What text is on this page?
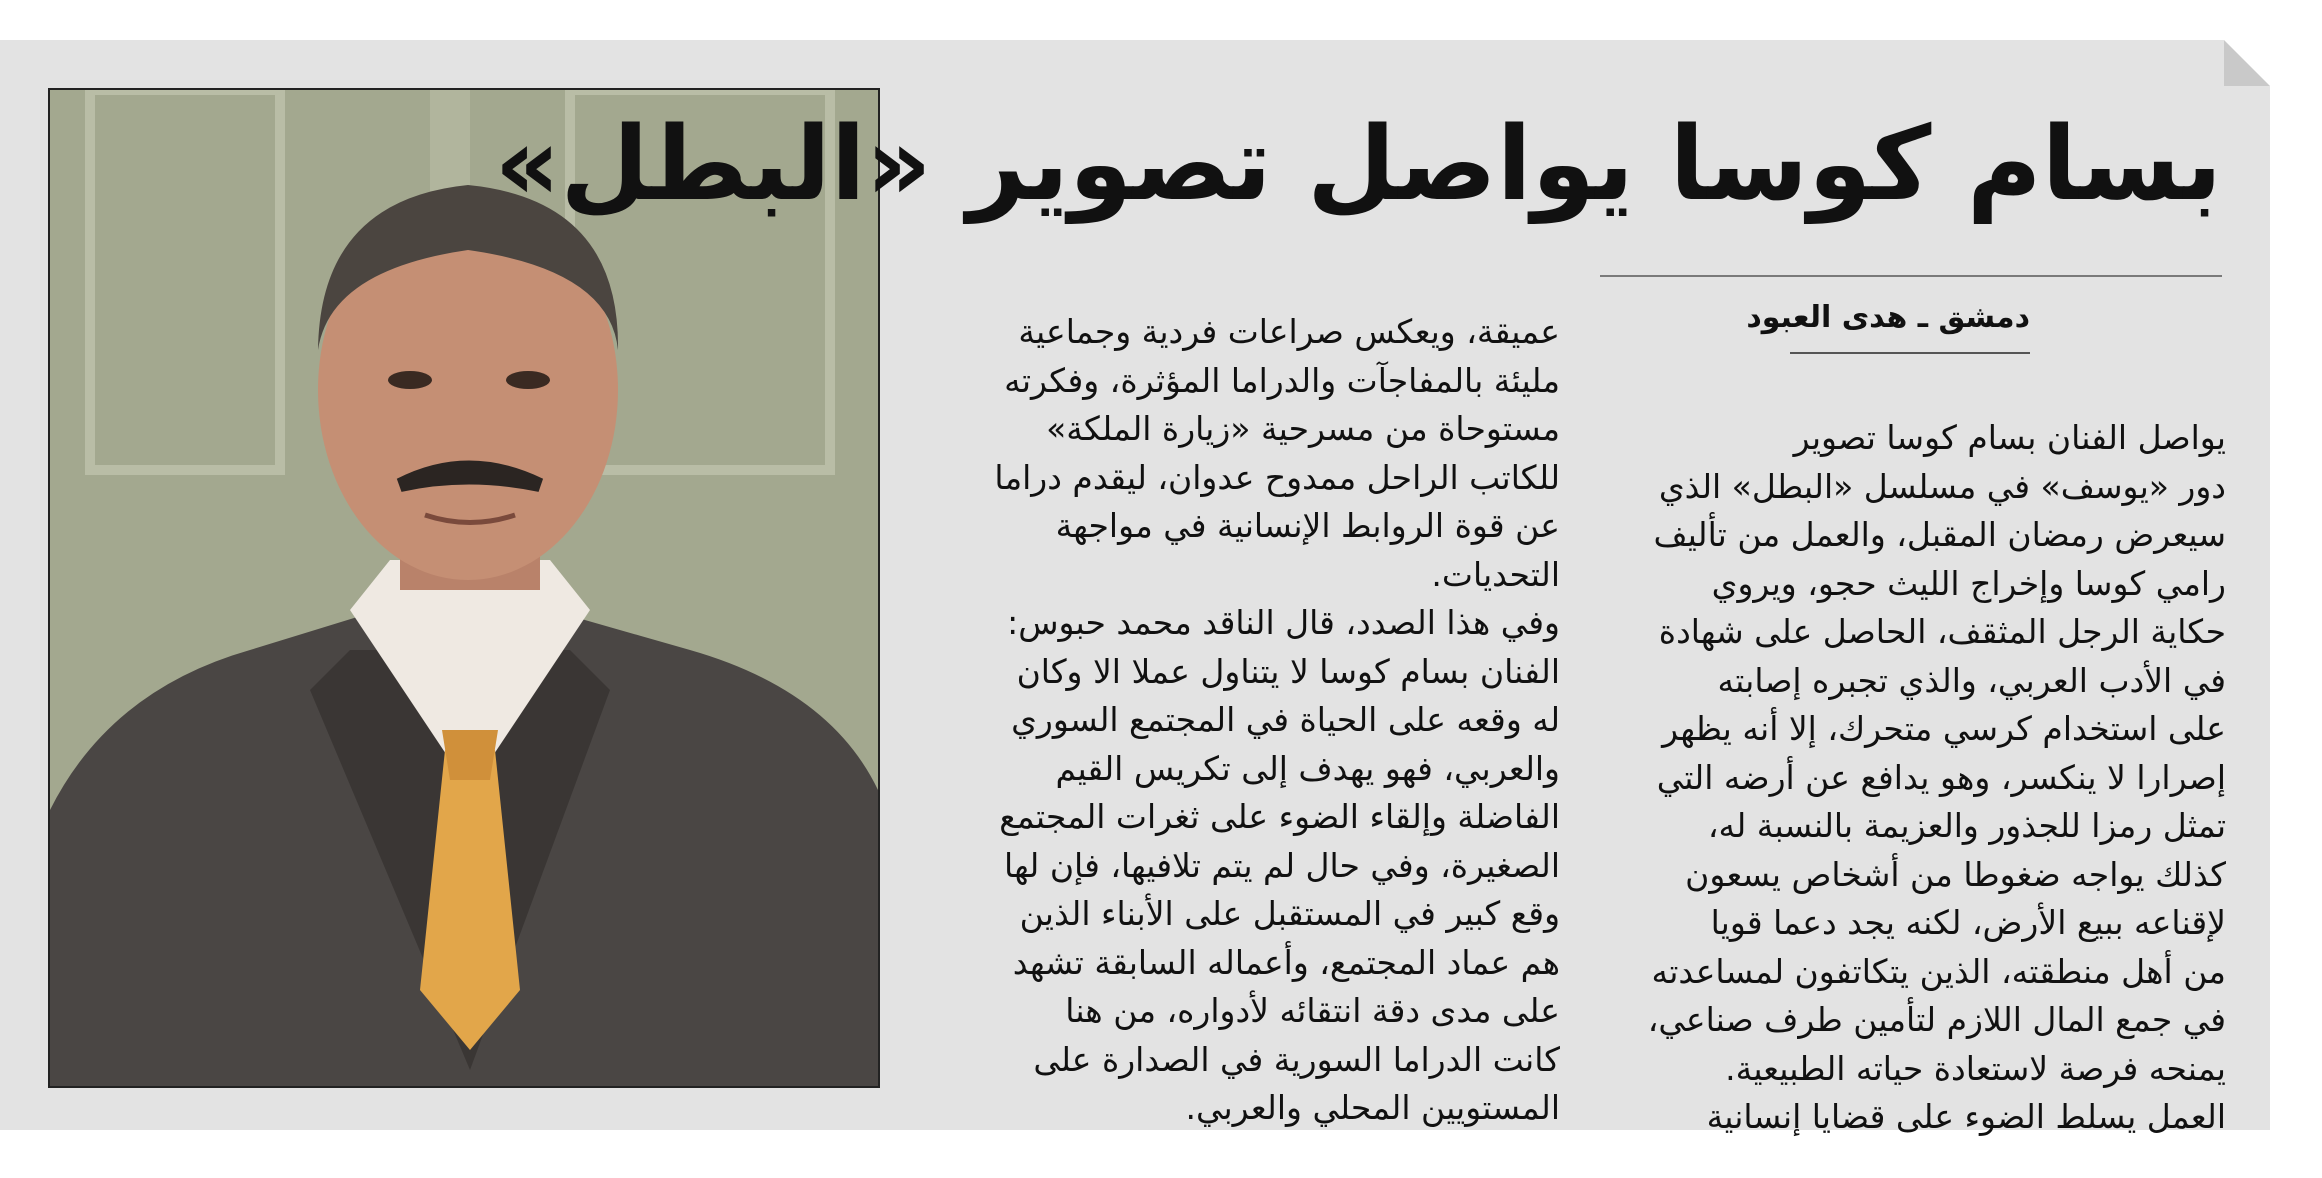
بسام كوسا يواصل تصوير «البطل»
دمشق ـ هدى العبود
يواصل الفنان بسام كوسا تصوير
دور «يوسف» في مسلسل «البطل» الذي
سيعرض رمضان المقبل، والعمل من تأليف
رامي كوسا وإخراج الليث حجو، ويروي
حكاية الرجل المثقف، الحاصل على شهادة
في الأدب العربي، والذي تجبره إصابته
على استخدام كرسي متحرك، إلا أنه يظهر
إصرارا لا ينكسر، وهو يدافع عن أرضه التي
تمثل رمزا للجذور والعزيمة بالنسبة له،
كذلك يواجه ضغوطا من أشخاص يسعون
لإقناعه ببيع الأرض، لكنه يجد دعما قويا
من أهل منطقته، الذين يتكاتفون لمساعدته
في جمع المال اللازم لتأمين طرف صناعي،
يمنحه فرصة لاستعادة حياته الطبيعية.
العمل يسلط الضوء على قضايا إنسانية
عميقة، ويعكس صراعات فردية وجماعية
مليئة بالمفاجآت والدراما المؤثرة، وفكرته
مستوحاة من مسرحية «زيارة الملكة»
للكاتب الراحل ممدوح عدوان، ليقدم دراما
عن قوة الروابط الإنسانية في مواجهة
التحديات.
وفي هذا الصدد، قال الناقد محمد حبوس:
الفنان بسام كوسا لا يتناول عملا الا وكان
له وقعه على الحياة في المجتمع السوري
والعربي، فهو يهدف إلى تكريس القيم
الفاضلة وإلقاء الضوء على ثغرات المجتمع
الصغيرة، وفي حال لم يتم تلافيها، فإن لها
وقع كبير في المستقبل على الأبناء الذين
هم عماد المجتمع، وأعماله السابقة تشهد
على مدى دقة انتقائه لأدواره، من هنا
كانت الدراما السورية في الصدارة على
المستويين المحلي والعربي.
